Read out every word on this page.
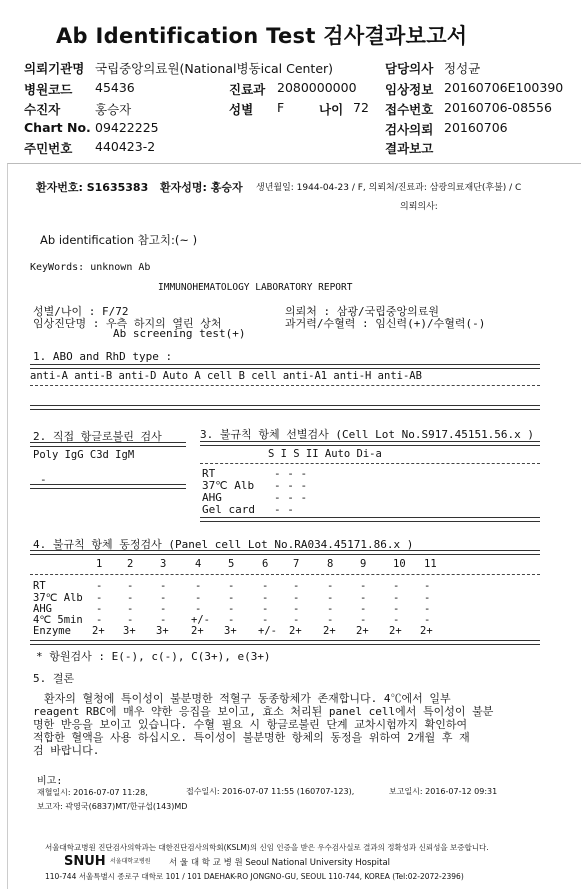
Ab Identification Test 검사결과보고서
의뢰기관명 국립중앙의료원(National병동ical Center)
병원코드 45436
수진자	홍승자
Chart No. 09422225
주민번호 440423-2
진료과 2080000000
성별 F	나이 72
담당의사 정성균
임상정보 20160706E100390
접수번호 20160706-08556
검사의뢰 20160706
결과보고
환자번호: S1635383 환자성명: 홍승자 생년월일: 1944-04-23 / F, 의뢰처/진료과: 삼광의료재단(후불) / C
의뢰의사:
Ab identification 참고치:(~ )
KeyWords: unknown Ab
IMMUNOHEMATOLOGY LABORATORY REPORT
성별/나이 : F/72
임상진단명 : 우측 하지의 열린 상처
Ab screening test(+)
의뢰처 : 삼광/국립중앙의료원
과거력/수혈력 : 임신력(+)/수혈력(-)
1. ABO and RhD type :
anti-A anti-B anti-D Auto A cell B cell anti-A1 anti-H anti-AB
2. 직접 항글로불린 검사
Poly IgG C3d IgM
-
3. 불규칙 항체 선별검사 (Cell Lot No.S917.45151.56.x )
S I S II Auto Di-a
RT	- - -
37℃ Alb - - -
AHG	- - -
Gel card - -
4. 불규칙 항체 동정검사 (Panel cell Lot No.RA034.45171.86.x )
1 2	3	4	5	6 7	8	9	10 11
RT	- -	-	-	-	- -	-	-	- -
37℃ Alb - -	-	-	-	- -	-	-	- -
AHG	- -	-	-	-	- -	-	-	- -
4℃ 5min - -	- +/- -	- -	-	-	- -
Enzyme 2+ 3+ 3+ 2+ 3+ +/- 2+ 2+ 2+ 2+ 2+
* 항원검사 : E(-), c(-), C(3+), e(3+)
5. 결론
환자의 혈청에 특이성이 불분명한 적혈구 동종항체가 존재합니다. 4℃에서 일부
reagent RBC에 매우 약한 응집을 보이고, 효소 처리된 panel cell에서 특이성이 불분
명한 반응을 보이고 있습니다. 수혈 필요 시 항글로불린 단계 교차시험까지 확인하여
적합한 혈액을 사용 하십시오. 특이성이 불분명한 항체의 동정을 위하여 2개월 후 재
검 바랍니다.
비고:
재혈일시: 2016-07-07 11:28,	접수일시: 2016-07-07 11:55 (160707-123),	보고일시: 2016-07-12 09:31
보고자: 곽영국(6837)MT/한규섭(143)MD
서울대학교병원 진단검사의학과는 대한진단검사의학회(KSLM)의 신임 인증을 받은 우수검사실로 결과의 정확성과 신뢰성을 보증합니다.
SNUH 서울대학교병원 서 울 대 학 교 병 원 Seoul National University Hospital
110-744 서울특별시 종로구 대학로 101 / 101 DAEHAK-RO JONGNO-GU, SEOUL 110-744, KOREA (Tel:02-2072-2396)
